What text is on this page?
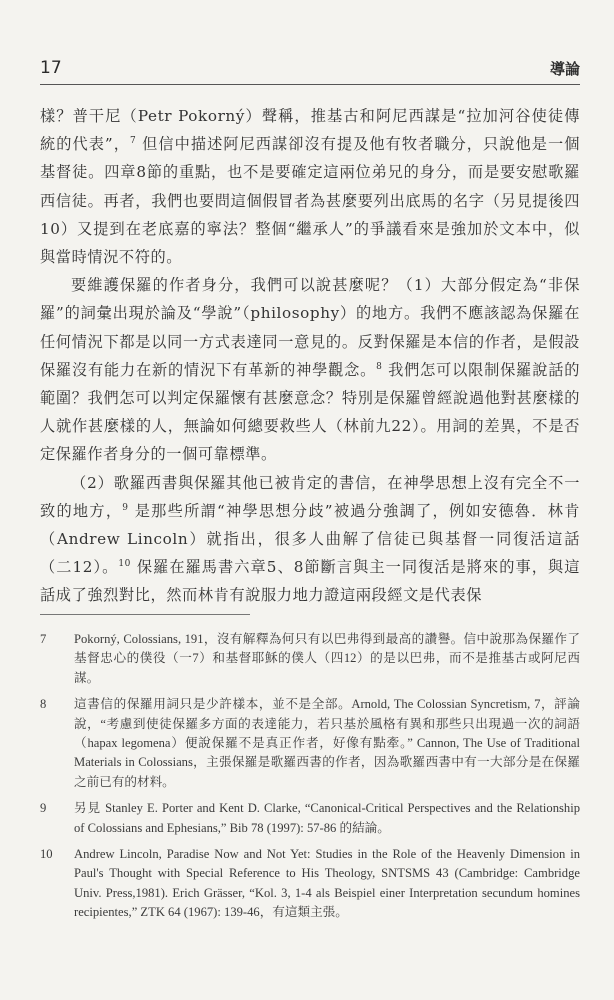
17	導論

樣？普干尼（Petr Pokorný）聲稱，推基古和阿尼西謀是“拉加河谷使徒傳統的代表”，$^7$ 但信中描述阿尼西謀卻沒有提及他有牧者職分，只說他是一個基督徒。四章8節的重點，也不是要確定這兩位弟兄的身分，而是要安慰歌羅西信徒。再者，我們也要問這個假冒者為甚麼要列出底馬的名字（另見提後四10）又提到在老底嘉的寧法？整個“繼承人”的爭議看來是強加於文本中，似與當時情況不符的。

要維護保羅的作者身分，我們可以說甚麼呢？（1）大部分假定為“非保羅”的詞彙出現於論及“學說”（philosophy）的地方。我們不應該認為保羅在任何情況下都是以同一方式表達同一意見的。反對保羅是本信的作者，是假設保羅沒有能力在新的情況下有革新的神學觀念。$^8$ 我們怎可以限制保羅說話的範圍？我們怎可以判定保羅懷有甚麼意念？特別是保羅曾經說過他對甚麼樣的人就作甚麼樣的人，無論如何總要救些人（林前九22）。用詞的差異，不是否定保羅作者身分的一個可靠標準。

（2）歌羅西書與保羅其他已被肯定的書信，在神學思想上沒有完全不一致的地方，$^9$ 是那些所謂“神學思想分歧”被過分強調了，例如安德魯．林肯（Andrew Lincoln）就指出，很多人曲解了信徒已與基督一同復活這話（二12）。$^{10}$ 保羅在羅馬書六章5、8節斷言與主一同復活是將來的事，與這話成了強烈對比，然而林肯有說服力地力證這兩段經文是代表保

7 Pokorný, Colossians, 191，沒有解釋為何只有以巴弗得到最高的讚譽。信中說那為保羅作了基督忠心的僕役（一7）和基督耶穌的僕人（四12）的是以巴弗，而不是推基古或阿尼西謀。
8 這書信的保羅用詞只是少許樣本，並不是全部。Arnold, The Colossian Syncretism, 7，評論說，“考慮到使徒保羅多方面的表達能力，若只基於風格有異和那些只出現過一次的詞語（hapax legomena）便說保羅不是真正作者，好像有點牽。” Cannon, The Use of Traditional Materials in Colossians，主張保羅是歌羅西書的作者，因為歌羅西書中有一大部分是在保羅之前已有的材料。
9 另見 Stanley E. Porter and Kent D. Clarke, “Canonical-Critical Perspectives and the Relationship of Colossians and Ephesians,” Bib 78 (1997): 57-86 的結論。
10 Andrew Lincoln, Paradise Now and Not Yet: Studies in the Role of the Heavenly Dimension in Paul's Thought with Special Reference to His Theology, SNTSMS 43 (Cambridge: Cambridge Univ. Press,1981). Erich Grässer, “Kol. 3, 1-4 als Beispiel einer Interpretation secundum homines recipientes,” ZTK 64 (1967): 139-46，有這類主張。
